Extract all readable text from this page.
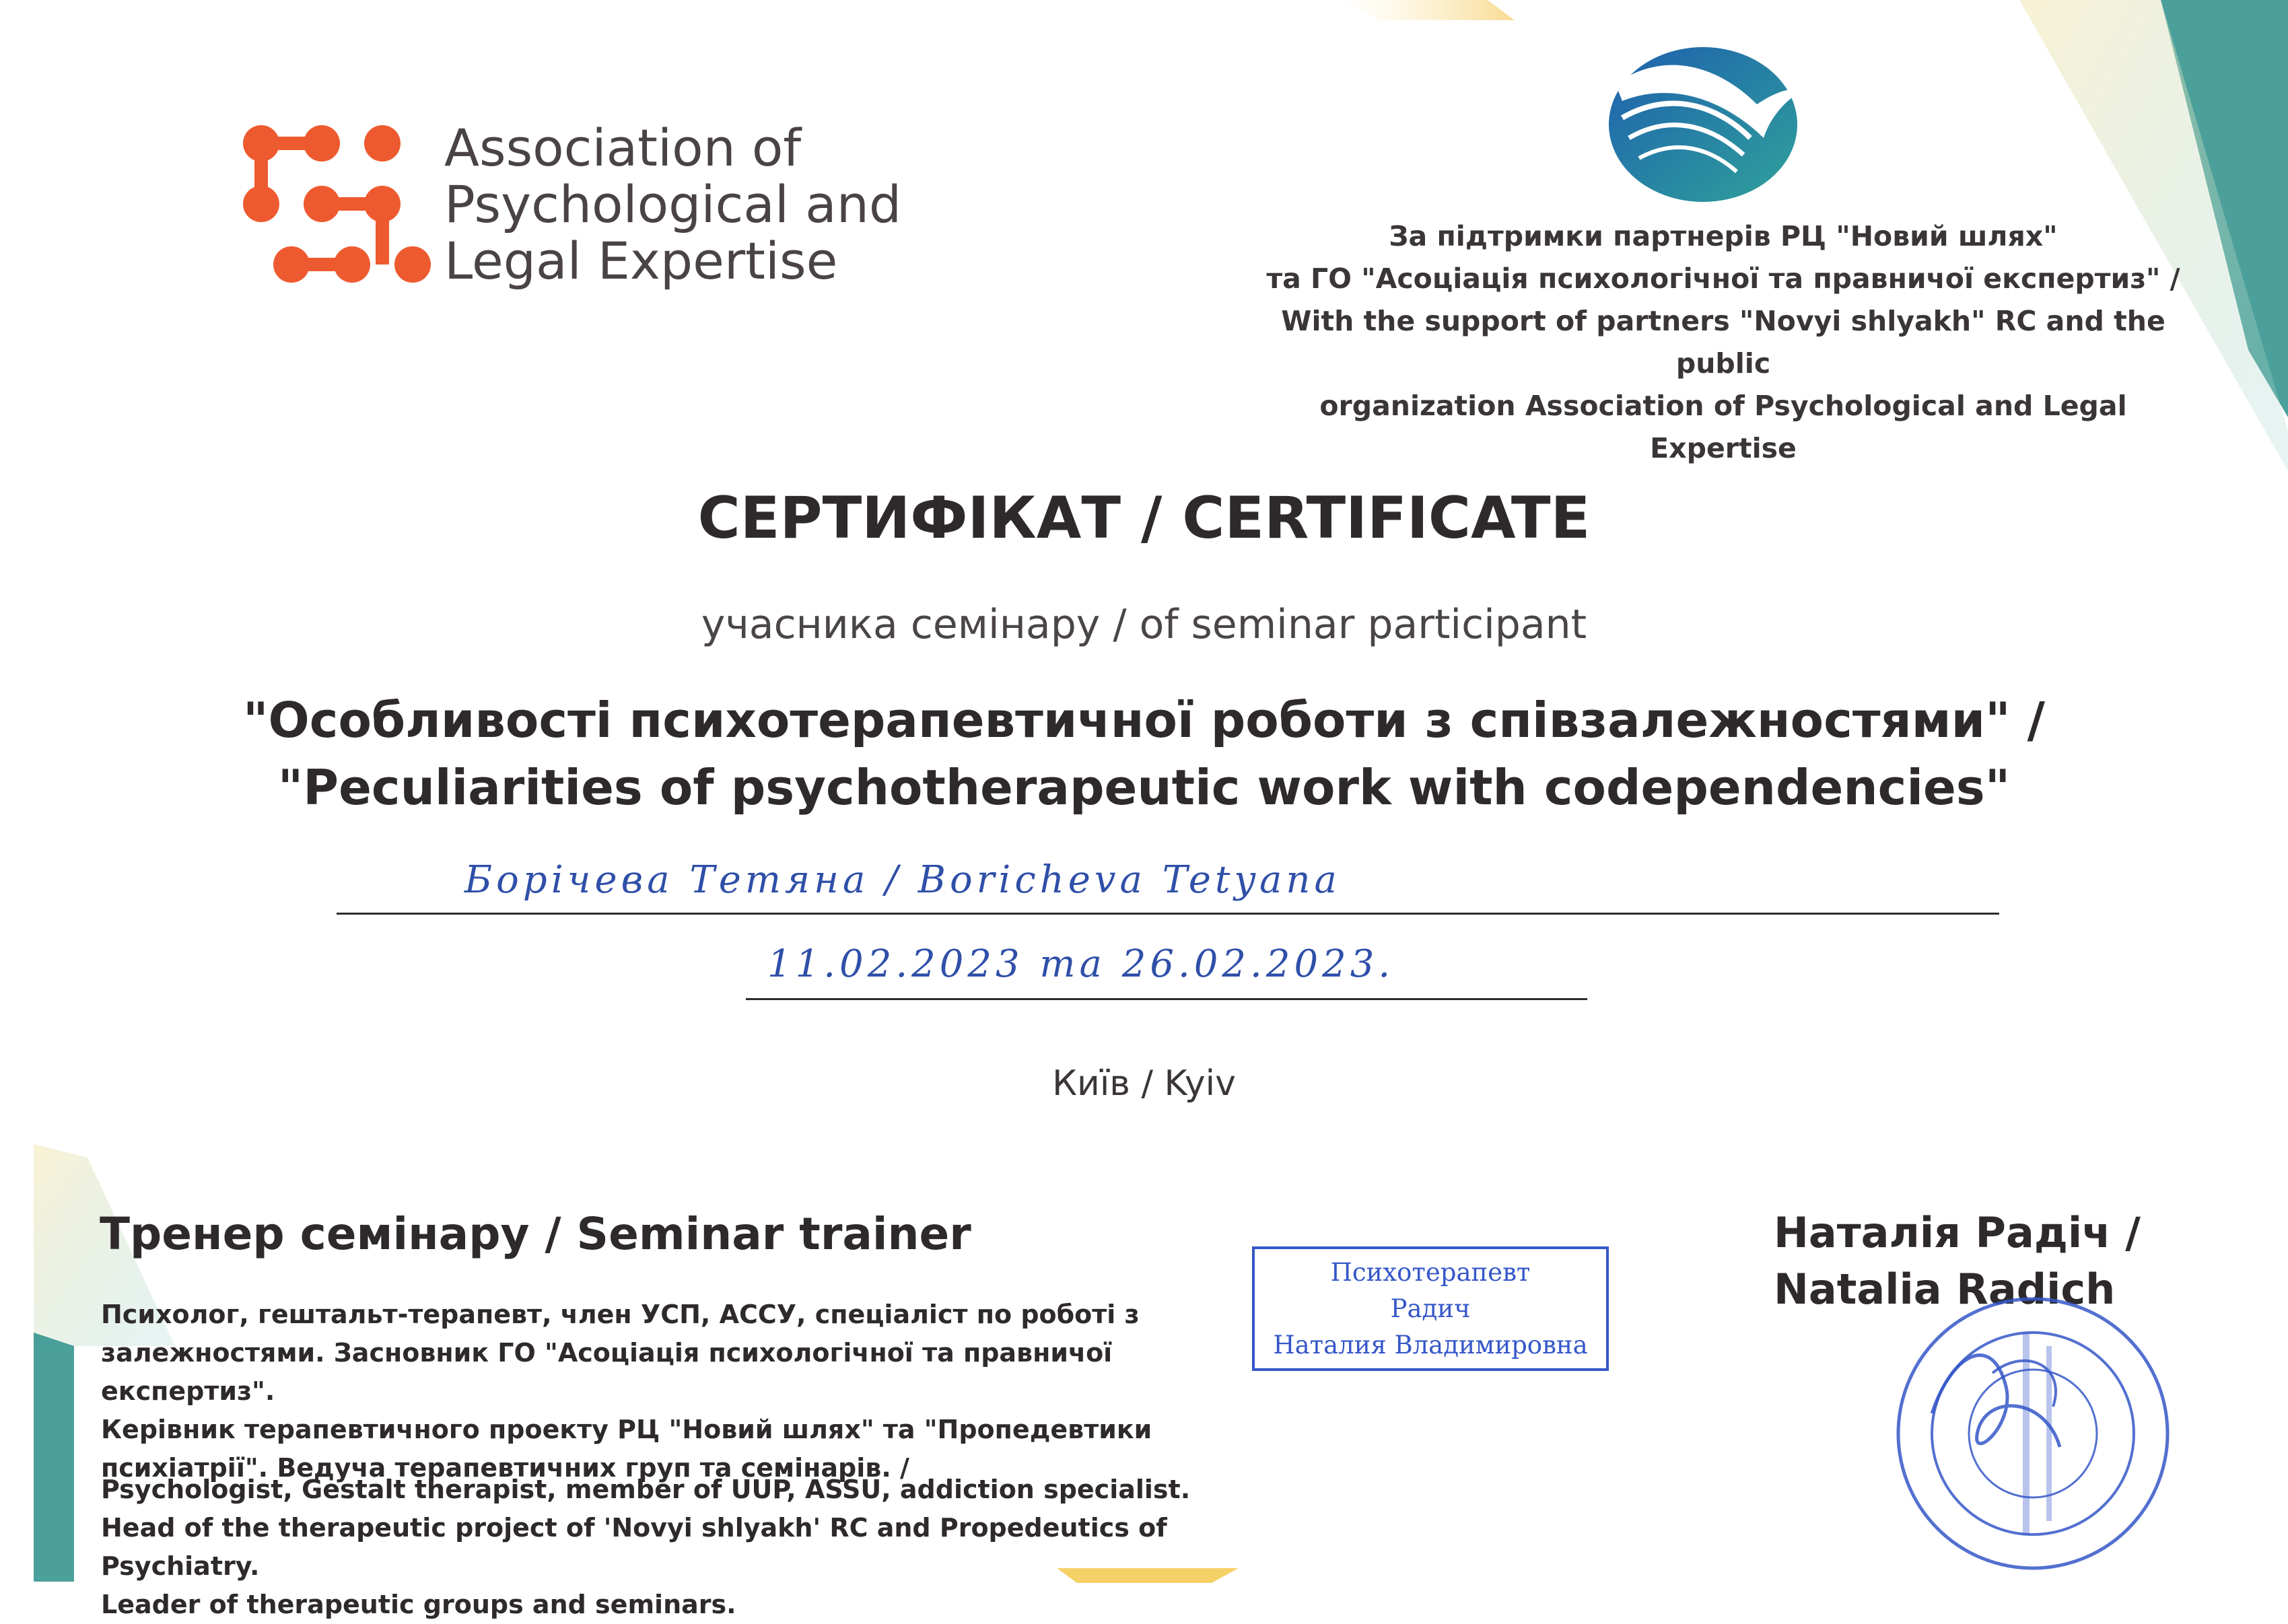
Association of
Psychological and
Legal Expertise	За підтримки партнерів РЦ "Новий шлях"
та ГО "Асоціація психологічної та правничої експертиз" /
With the support of partners "Novyi shlyakh" RC and the public
organization Association of Psychological and Legal Expertise
СЕРТИФІКАТ / CERTIFICATE
учасника семінару / of seminar participant
"Особливості психотерапевтичної роботи з співзалежностями" /
"Peculiarities of psychotherapeutic work with codependencies"
Борічева Тетяна / Boricheva Tetyana
11.02.2023 та 26.02.2023.
Київ / Kyiv
Тренер семінару / Seminar trainer
Психолог, гештальт-терапевт, член УСП, АССУ, спеціаліст по роботі з
залежностями. Засновник ГО "Асоціація психологічної та правничої експертиз".
Керівник терапевтичного проекту РЦ "Новий шлях" та "Пропедевтики
психіатрії". Ведуча терапевтичних груп та семінарів. /
Psychologist, Gestalt therapist, member of UUP, ASSU, addiction specialist.
Head of the therapeutic project of 'Novyi shlyakh' RC and Propedeutics of Psychiatry.
Leader of therapeutic groups and seminars.
Психотерапевт
Радич
Наталия Владимировна
Наталія Радіч /
Natalia Radich
